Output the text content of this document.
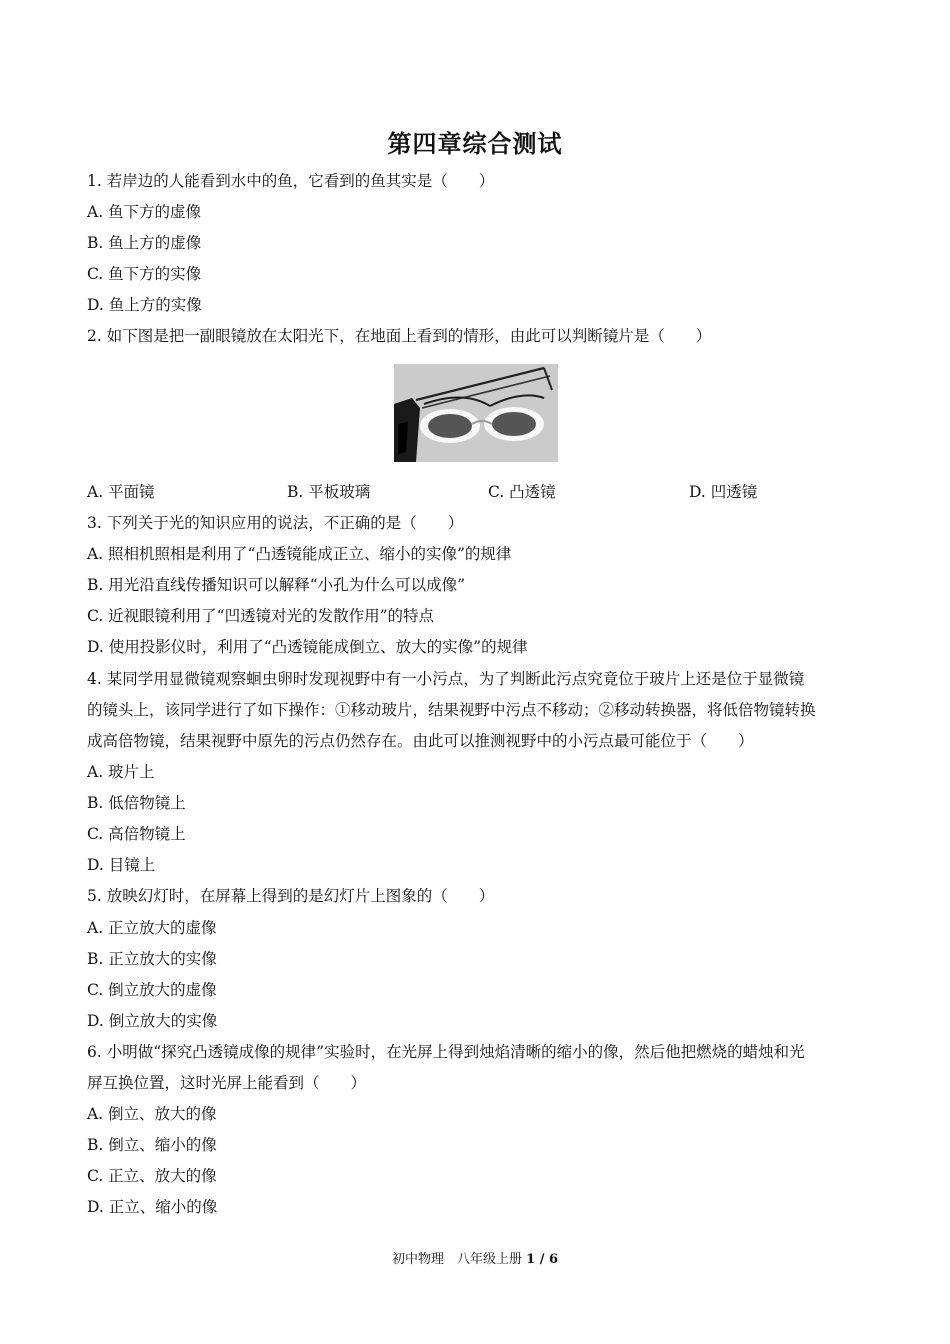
第四章综合测试
1. 若岸边的人能看到水中的鱼，它看到的鱼其实是（　　）
A. 鱼下方的虚像
B. 鱼上方的虚像
C. 鱼下方的实像
D. 鱼上方的实像
2. 如下图是把一副眼镜放在太阳光下，在地面上看到的情形，由此可以判断镜片是（　　）
A. 平面镜	B. 平板玻璃	C. 凸透镜	D. 凹透镜
3. 下列关于光的知识应用的说法，不正确的是（　　）
A. 照相机照相是利用了“凸透镜能成正立、缩小的实像”的规律
B. 用光沿直线传播知识可以解释“小孔为什么可以成像”
C. 近视眼镜利用了“凹透镜对光的发散作用”的特点
D. 使用投影仪时，利用了“凸透镜能成倒立、放大的实像”的规律
4. 某同学用显微镜观察蛔虫卵时发现视野中有一小污点，为了判断此污点究竟位于玻片上还是位于显微镜
的镜头上，该同学进行了如下操作：①移动玻片，结果视野中污点不移动；②移动转换器，将低倍物镜转换
成高倍物镜，结果视野中原先的污点仍然存在。由此可以推测视野中的小污点最可能位于（　　）
A. 玻片上
B. 低倍物镜上
C. 高倍物镜上
D. 目镜上
5. 放映幻灯时，在屏幕上得到的是幻灯片上图象的（　　）
A. 正立放大的虚像
B. 正立放大的实像
C. 倒立放大的虚像
D. 倒立放大的实像
6. 小明做“探究凸透镜成像的规律”实验时，在光屏上得到烛焰清晰的缩小的像，然后他把燃烧的蜡烛和光
屏互换位置，这时光屏上能看到（　　）
A. 倒立、放大的像
B. 倒立、缩小的像
C. 正立、放大的像
D. 正立、缩小的像
初中物理　八年级上册 1 / 6
